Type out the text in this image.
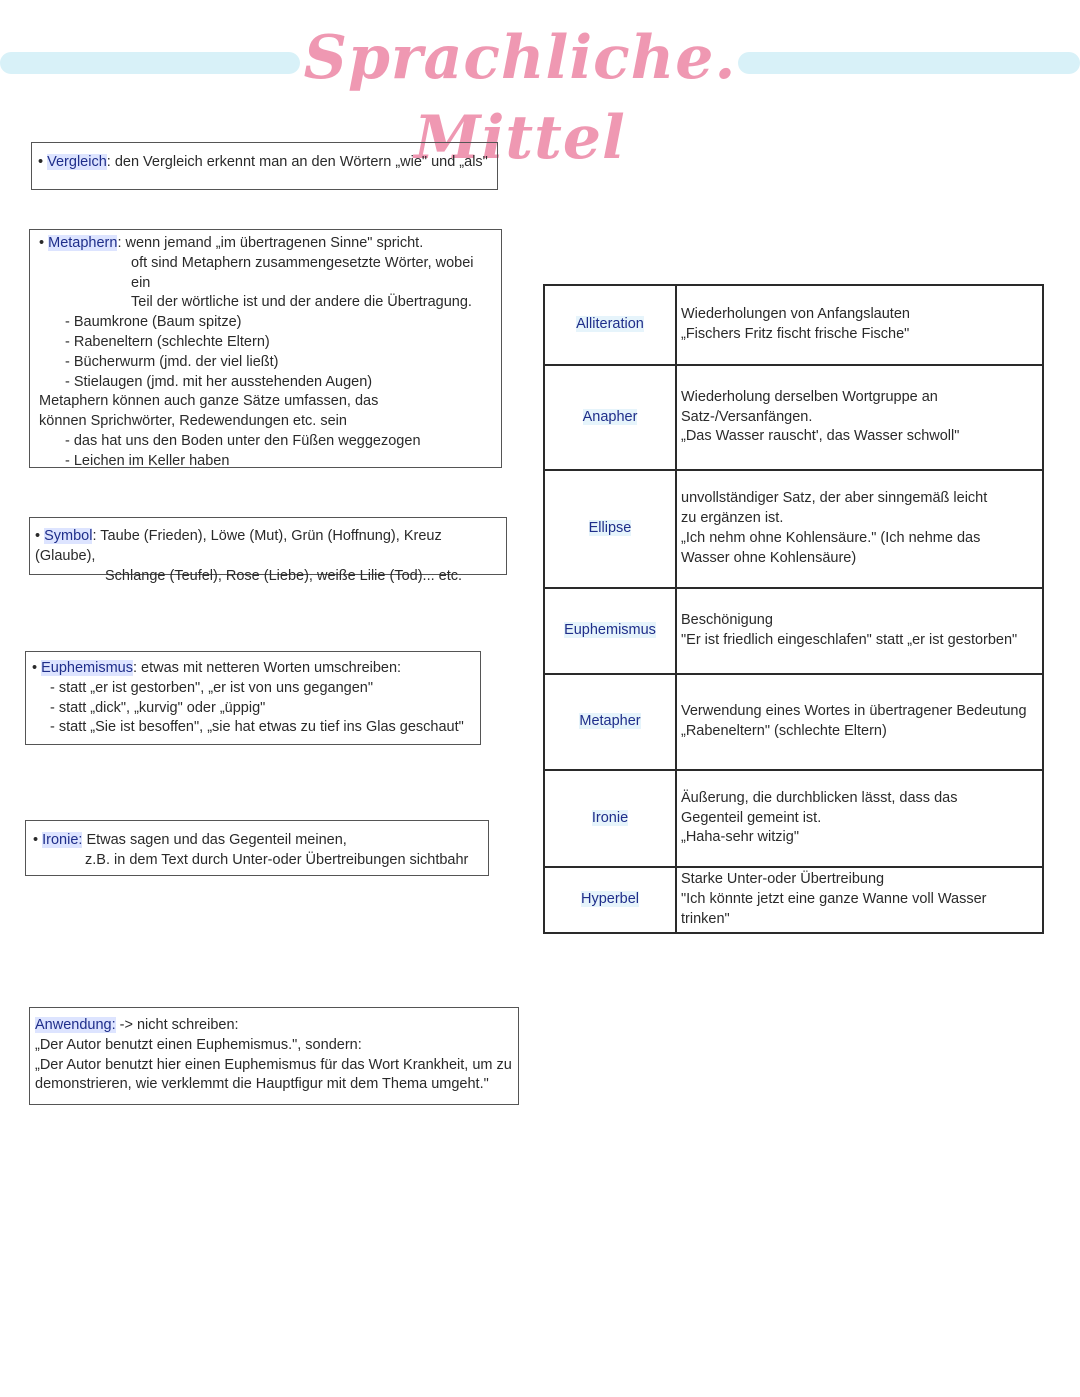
Sprachliche. Mittel
• Vergleich: den Vergleich erkennt man an den Wörtern „wie" und „als"
• Metaphern: wenn jemand „im übertragenen Sinne" spricht.
oft sind Metaphern zusammengesetzte Wörter, wobei ein
Teil der wörtliche ist und der andere die Übertragung.
- Baumkrone (Baum spitze)
- Rabeneltern (schlechte Eltern)
- Bücherwurm (jmd. der viel ließt)
- Stielaugen (jmd. mit her ausstehenden Augen)
Metaphern können auch ganze Sätze umfassen, das
können Sprichwörter, Redewendungen etc. sein
- das hat uns den Boden unter den Füßen weggezogen
- Leichen im Keller haben
• Symbol: Taube (Frieden), Löwe (Mut), Grün (Hoffnung), Kreuz (Glaube),
Schlange (Teufel), Rose (Liebe), weiße Lilie (Tod)... etc.
• Euphemismus: etwas mit netteren Worten umschreiben:
- statt „er ist gestorben", „er ist von uns gegangen"
- statt „dick", „kurvig" oder „üppig"
- statt „Sie ist besoffen", „sie hat etwas zu tief ins Glas geschaut"
• Ironie: Etwas sagen und das Gegenteil meinen,
z.B. in dem Text durch Unter-oder Übertreibungen sichtbahr
Anwendung: -> nicht schreiben:
„Der Autor benutzt einen Euphemismus.", sondern:
„Der Autor benutzt hier einen Euphemismus für das Wort Krankheit, um zu
demonstrieren, wie verklemmt die Hauptfigur mit dem Thema umgeht."
Alliteration	Wiederholungen von Anfangslauten
„Fischers Fritz fischt frische Fische"

Anapher	Wiederholung derselben Wortgruppe an
Satz-/Versanfängen.
„Das Wasser rauscht', das Wasser schwoll"

Ellipse	unvollständiger Satz, der aber sinngemäß leicht
zu ergänzen ist.
„Ich nehm ohne Kohlensäure." (Ich nehme das
Wasser ohne Kohlensäure)

Euphemismus	Beschönigung
"Er ist friedlich eingeschlafen" statt „er ist gestorben"

Metapher	Verwendung eines Wortes in übertragener Bedeutung
„Rabeneltern" (schlechte Eltern)

Ironie	Äußerung, die durchblicken lässt, dass das
Gegenteil gemeint ist.
„Haha-sehr witzig"

Hyperbel	Starke Unter-oder Übertreibung
"Ich könnte jetzt eine ganze Wanne voll Wasser
trinken"
